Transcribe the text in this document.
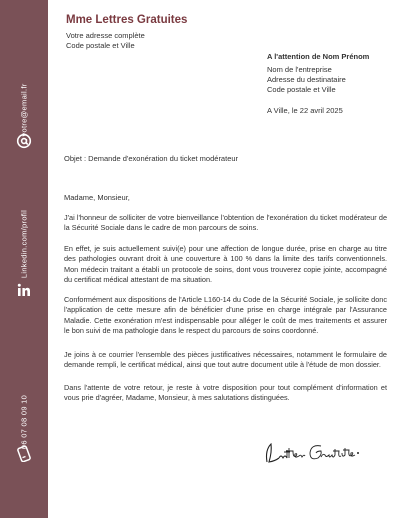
votre@email.fr
Linkedin.com/profil
06 07 08 09 10
Mme Lettres Gratuites
Votre adresse complète
Code postale et Ville
A l'attention de Nom Prénom
Nom de l'entreprise
Adresse du destinataire
Code postale et Ville
A Ville, le 22 avril 2025
Objet : Demande d'exonération du ticket modérateur
Madame, Monsieur,
J'ai l'honneur de solliciter de votre bienveillance l'obtention de l'exonération du ticket modérateur de la Sécurité Sociale dans le cadre de mon parcours de soins.
En effet, je suis actuellement suivi(e) pour une affection de longue durée, prise en charge au titre des pathologies ouvrant droit à une couverture à 100 % dans la limite des tarifs conventionnels. Mon médecin traitant a établi un protocole de soins, dont vous trouverez copie jointe, accompagné du certificat médical attestant de ma situation.
Conformément aux dispositions de l'Article L160-14 du Code de la Sécurité Sociale, je sollicite donc l'application de cette mesure afin de bénéficier d'une prise en charge intégrale par l'Assurance Maladie. Cette exonération m'est indispensable pour alléger le coût de mes traitements et assurer le bon suivi de ma pathologie dans le respect du parcours de soins coordonné.
Je joins à ce courrier l'ensemble des pièces justificatives nécessaires, notamment le formulaire de demande rempli, le certificat médical, ainsi que tout autre document utile à l'étude de mon dossier.
Dans l'attente de votre retour, je reste à votre disposition pour tout complément d'information et vous prie d'agréer, Madame, Monsieur, à mes salutations distinguées.
